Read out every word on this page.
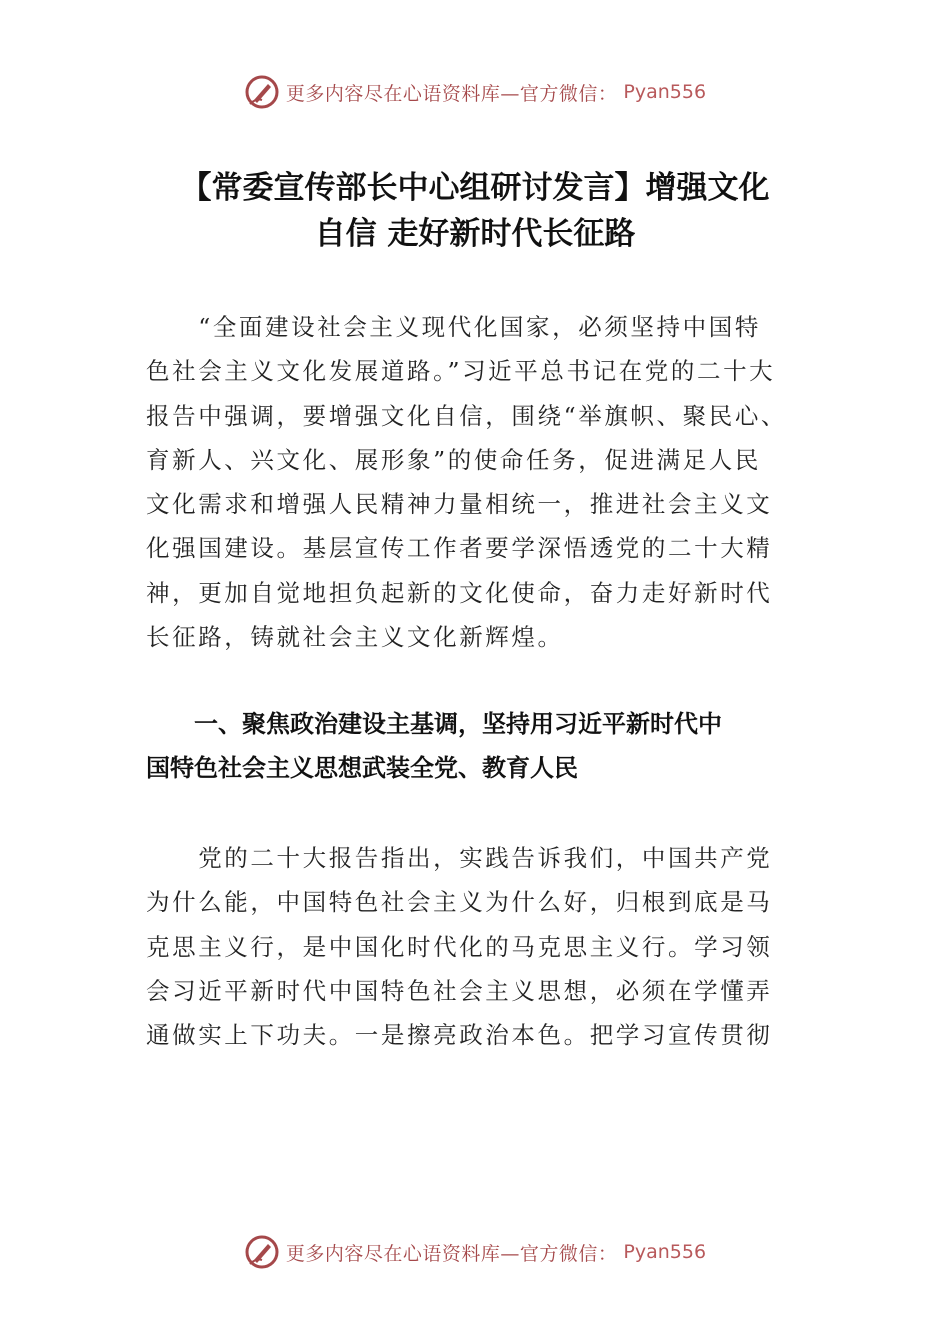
更多内容尽在心语资料库—官方微信： Pyan556
【常委宣传部长中心组研讨发言】增强文化
自信 走好新时代长征路

　　“全面建设社会主义现代化国家，必须坚持中国特
色社会主义文化发展道路。”习近平总书记在党的二十大
报告中强调，要增强文化自信，围绕“举旗帜、聚民心、
育新人、兴文化、展形象”的使命任务，促进满足人民
文化需求和增强人民精神力量相统一，推进社会主义文
化强国建设。基层宣传工作者要学深悟透党的二十大精
神，更加自觉地担负起新的文化使命，奋力走好新时代
长征路，铸就社会主义文化新辉煌。

　　一、聚焦政治建设主基调，坚持用习近平新时代中
国特色社会主义思想武装全党、教育人民

　　党的二十大报告指出，实践告诉我们，中国共产党
为什么能，中国特色社会主义为什么好，归根到底是马
克思主义行，是中国化时代化的马克思主义行。学习领
会习近平新时代中国特色社会主义思想，必须在学懂弄
通做实上下功夫。一是擦亮政治本色。把学习宣传贯彻

更多内容尽在心语资料库—官方微信： Pyan556
